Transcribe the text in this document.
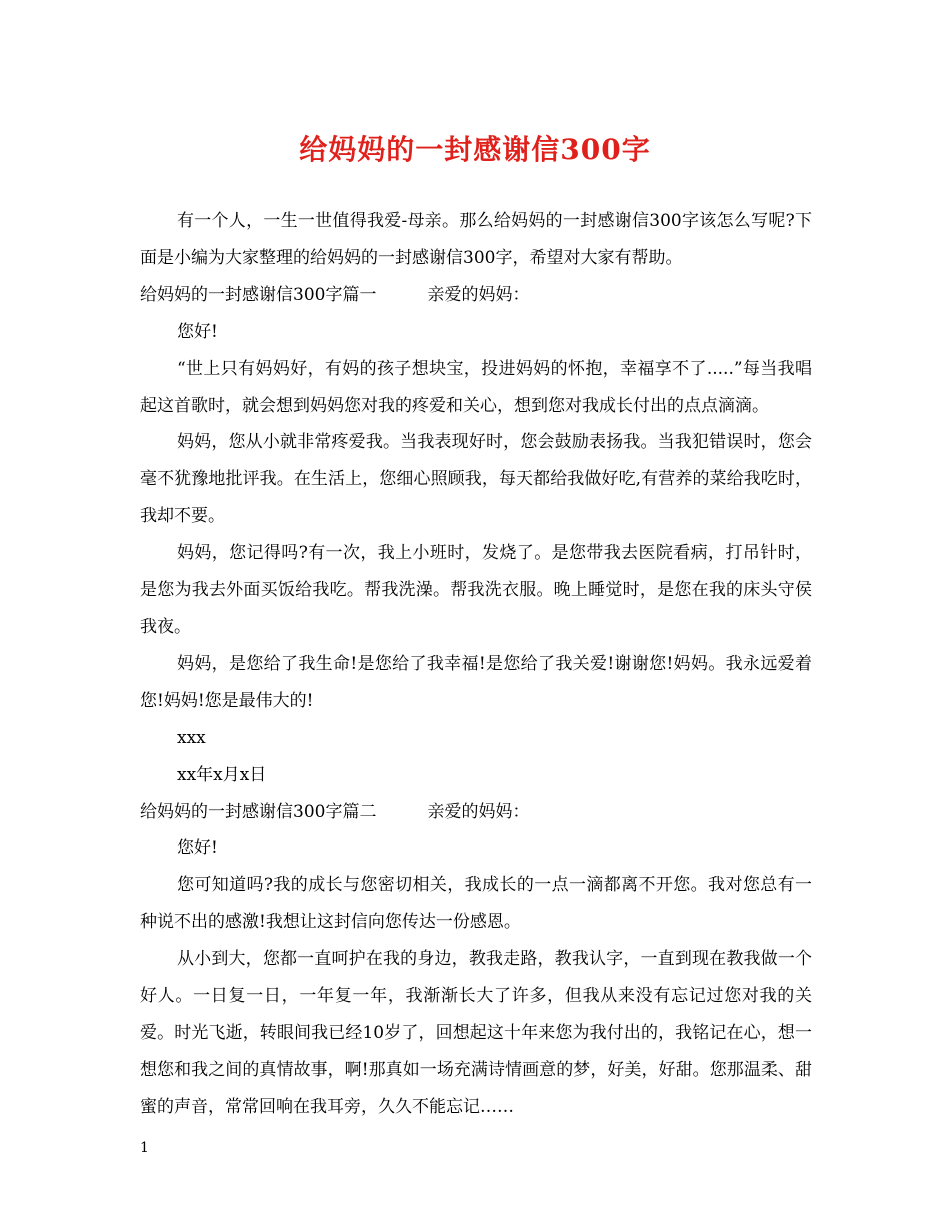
给妈妈的一封感谢信300字

有一个人，一生一世值得我爱-母亲。那么给妈妈的一封感谢信300字该怎么写呢?下面是小编为大家整理的给妈妈的一封感谢信300字，希望对大家有帮助。

给妈妈的一封感谢信300字篇一　　　亲爱的妈妈：

您好!

“世上只有妈妈好，有妈的孩子想块宝，投进妈妈的怀抱，幸福享不了.....”每当我唱起这首歌时，就会想到妈妈您对我的疼爱和关心，想到您对我成长付出的点点滴滴。

妈妈，您从小就非常疼爱我。当我表现好时，您会鼓励表扬我。当我犯错误时，您会毫不犹豫地批评我。在生活上，您细心照顾我，每天都给我做好吃,有营养的菜给我吃时，我却不要。

妈妈，您记得吗?有一次，我上小班时，发烧了。是您带我去医院看病，打吊针时，是您为我去外面买饭给我吃。帮我洗澡。帮我洗衣服。晚上睡觉时，是您在我的床头守侯我夜。

妈妈，是您给了我生命!是您给了我幸福!是您给了我关爱!谢谢您!妈妈。我永远爱着您!妈妈!您是最伟大的!

xxx

xx年x月x日

给妈妈的一封感谢信300字篇二　　　亲爱的妈妈：

您好!

您可知道吗?我的成长与您密切相关，我成长的一点一滴都离不开您。我对您总有一种说不出的感激!我想让这封信向您传达一份感恩。

从小到大，您都一直呵护在我的身边，教我走路，教我认字，一直到现在教我做一个好人。一日复一日，一年复一年，我渐渐长大了许多，但我从来没有忘记过您对我的关爱。时光飞逝，转眼间我已经10岁了，回想起这十年来您为我付出的，我铭记在心，想一想您和我之间的真情故事，啊!那真如一场充满诗情画意的梦，好美，好甜。您那温柔、甜蜜的声音，常常回响在我耳旁，久久不能忘记……

1
